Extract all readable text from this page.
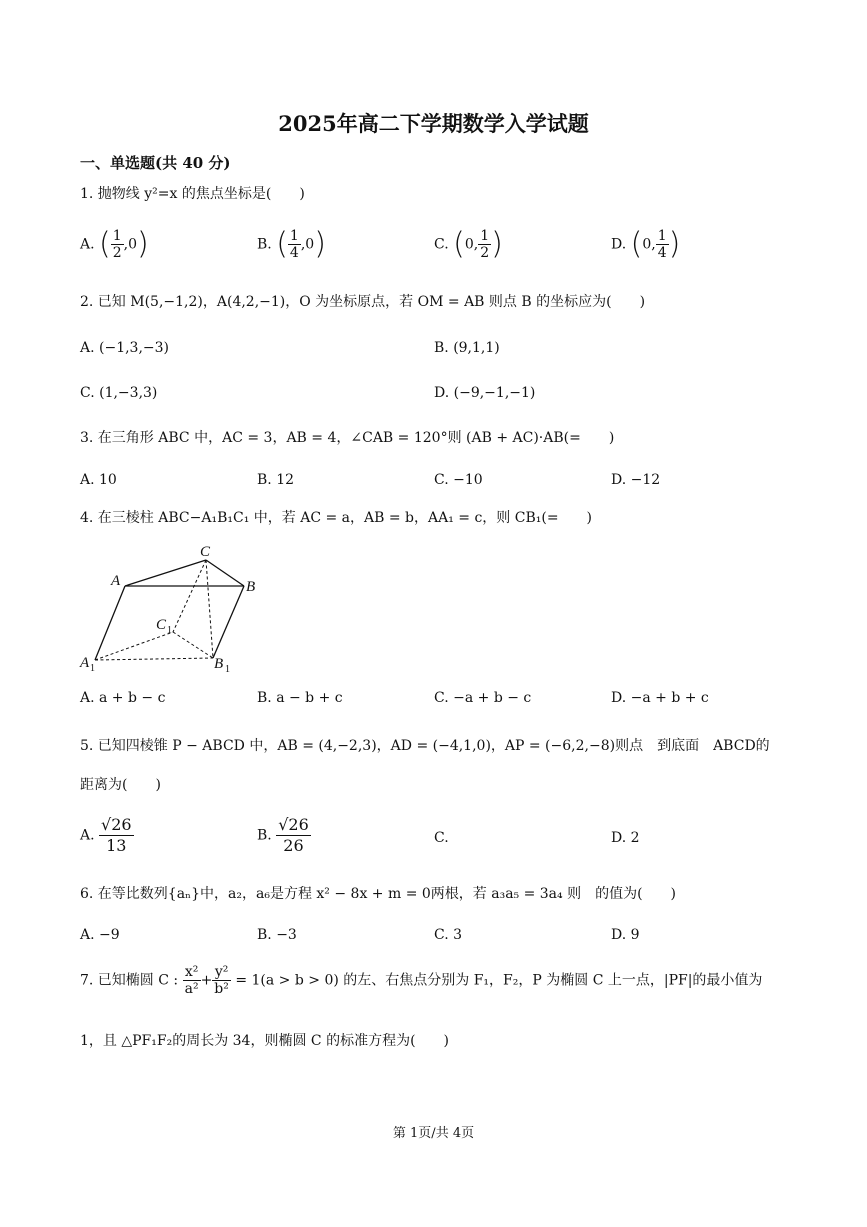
2025年高二下学期数学入学试题
一、单选题(共 40 分)
1. 抛物线 y²=x 的焦点坐标是(　　)
A. ( $\frac{1}{2} ,0$)	B. ( $\frac{1}{4} ,0$)	C. (0, $\frac{1}{2}$ )	D. (0, $\frac{1}{4}$ )
2. 已知 M(5,−1,2)，A(4,2,−1)，O 为坐标原点，若 OM = AB 则点 B 的坐标应为(　　)
A. (−1,3,−3)	B. (9,1,1)
C. (1,−3,3)	D. (−9,−1,−1)
3. 在三角形 ABC 中，AC = 3，AB = 4，∠CAB = 120°则 (AB + AC)·AB(=　　)
A. 10	B. 12	C. −10	D. −12
4. 在三棱柱 ABC−A₁B₁C₁ 中，若 AC = a，AB = b，AA₁ = c，则 CB₁(=　　)
A
C
B
C 1
A 1	B 1
A. a + b − c	B. a − b + c	C. −a + b − c	D. −a + b + c
5. 已知四棱锥 P − ABCD 中，AB = (4,−2,3)，AD = (−4,1,0)，AP = (−6,2,−8)则点　到底面　ABCD的
距离为(　　)
A. $\frac{√26}{13}$	B. $\frac{√26}{26}$	C.	D. 2
6. 在等比数列{aₙ}中，a₂，a₆是方程 x² − 8x + m = 0两根，若 a₃a₅ = 3a₄ 则　的值为(　　)
A. −9	B. −3	C. 3	D. 9
7. 已知椭圆 C : $\frac{\text{x²}}{\text{a²}} + \frac{\text{y²}}{\text{b²}} = 1(a > b > 0)$ 的左、右焦点分别为 F₁，F₂，P 为椭圆 C 上一点，|PF|的最小值为
1，且 △PF₁F₂的周长为 34，则椭圆 C 的标准方程为(　　)
第 1页/共 4页
